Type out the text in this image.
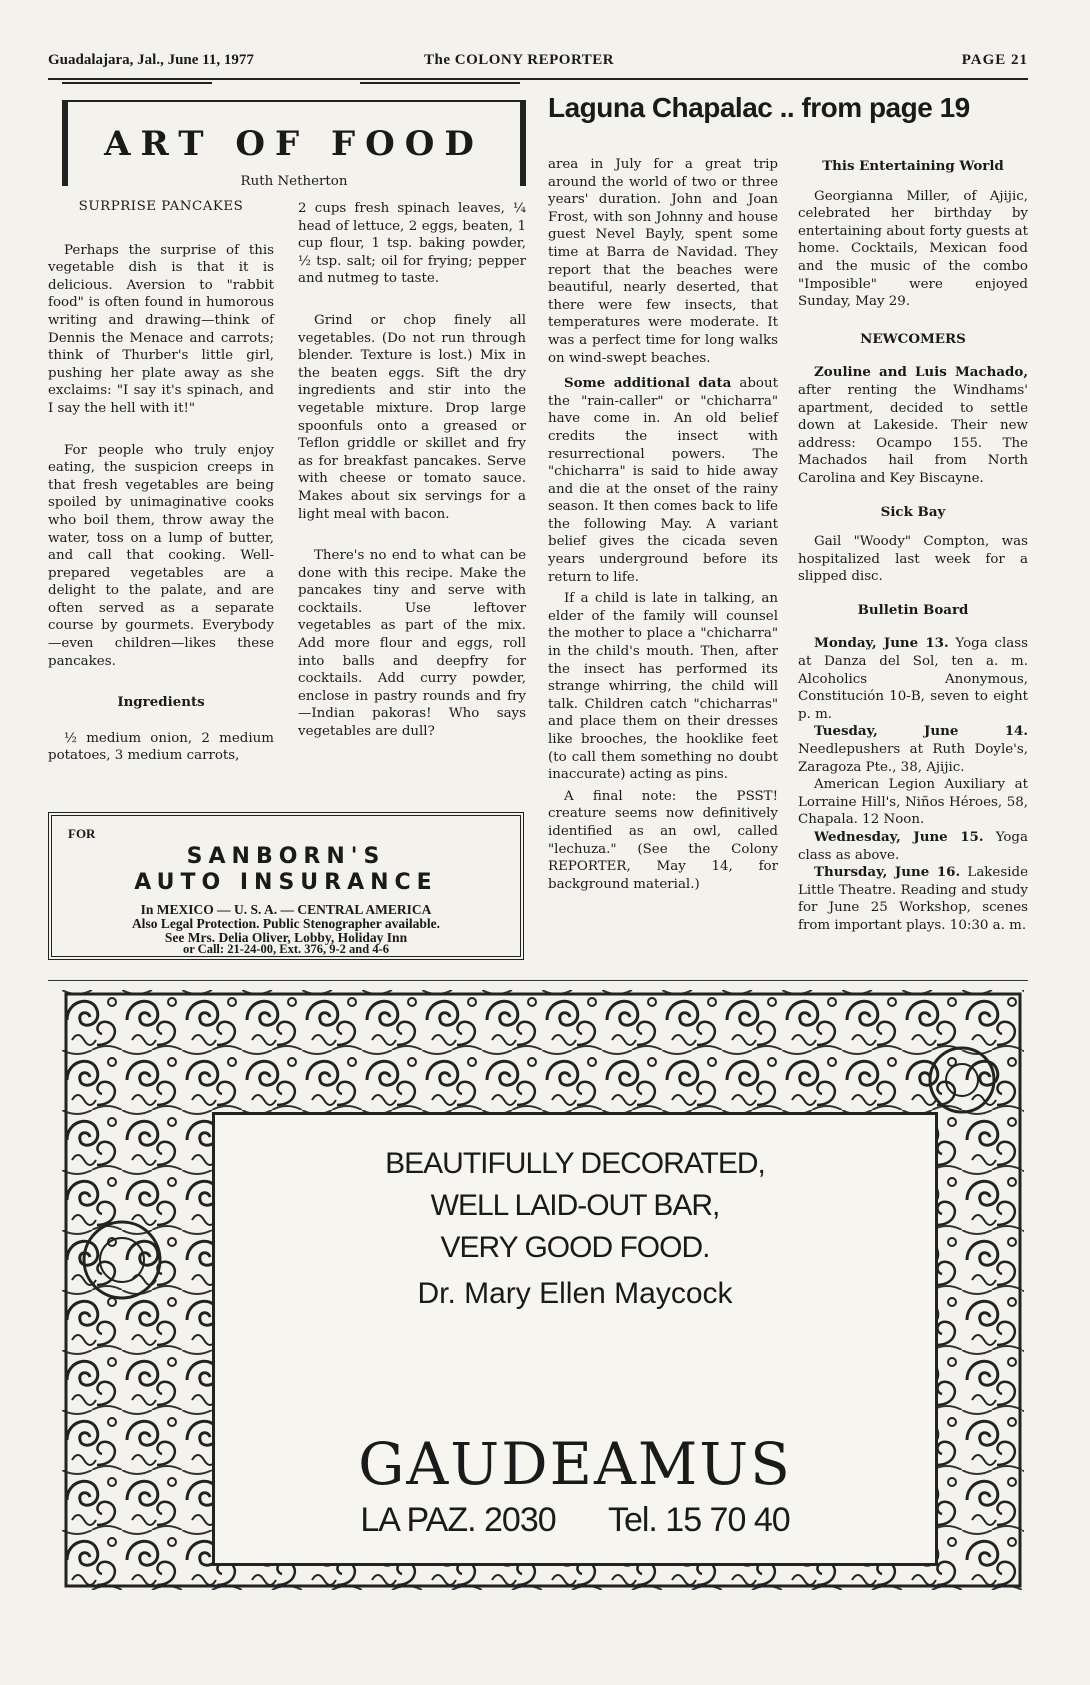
Guadalajara, Jal., June 11, 1977	The COLONY REPORTER	PAGE 21
ART OF FOOD
Ruth Netherton
SURPRISE PANCAKES

Perhaps the surprise of this vegetable dish is that it is delicious. Aversion to "rabbit food" is often found in humorous writing and drawing—think of Dennis the Menace and carrots; think of Thurber's little girl, pushing her plate away as she exclaims: "I say it's spinach, and I say the hell with it!"

For people who truly enjoy eating, the suspicion creeps in that fresh vegetables are being spoiled by unimaginative cooks who boil them, throw away the water, toss on a lump of butter, and call that cooking. Well-prepared vegetables are a delight to the palate, and are often served as a separate course by gourmets. Everybody —even children—likes these pancakes.

Ingredients

½ medium onion, 2 medium potatoes, 3 medium carrots,

2 cups fresh spinach leaves, ¼ head of lettuce, 2 eggs, beaten, 1 cup flour, 1 tsp. baking powder, ½ tsp. salt; oil for frying; pepper and nutmeg to taste.

Grind or chop finely all vegetables. (Do not run through blender. Texture is lost.) Mix in the beaten eggs. Sift the dry ingredients and stir into the vegetable mixture. Drop large spoonfuls onto a greased or Teflon griddle or skillet and fry as for breakfast pancakes. Serve with cheese or tomato sauce. Makes about six servings for a light meal with bacon.

There's no end to what can be done with this recipe. Make the pancakes tiny and serve with cocktails. Use leftover vegetables as part of the mix. Add more flour and eggs, roll into balls and deepfry for cocktails. Add curry powder, enclose in pastry rounds and fry—Indian pakoras! Who says vegetables are dull?

FOR
SANBORN'S
AUTO INSURANCE
In MEXICO — U. S. A. — CENTRAL AMERICA
Also Legal Protection. Public Stenographer available.
See Mrs. Delia Oliver, Lobby, Holiday Inn
or Call: 21-24-00, Ext. 376, 9-2 and 4-6
Laguna Chapalac .. from page 19

area in July for a great trip around the world of two or three years' duration. John and Joan Frost, with son Johnny and house guest Nevel Bayly, spent some time at Barra de Navidad. They report that the beaches were beautiful, nearly deserted, that there were few insects, that temperatures were moderate. It was a perfect time for long walks on wind-swept beaches.

Some additional data about the "rain-caller" or "chicharra" have come in. An old belief credits the insect with resurrectional powers. The "chicharra" is said to hide away and die at the onset of the rainy season. It then comes back to life the following May. A variant belief gives the cicada seven years underground before its return to life.

If a child is late in talking, an elder of the family will counsel the mother to place a "chicharra" in the child's mouth. Then, after the insect has performed its strange whirring, the child will talk. Children catch "chicharras" and place them on their dresses like brooches, the hooklike feet (to call them something no doubt inaccurate) acting as pins.

A final note: the PSST! creature seems now definitively identified as an owl, called "lechuza." (See the Colony REPORTER, May 14, for background material.)

This Entertaining World

Georgianna Miller, of Ajijic, celebrated her birthday by entertaining about forty guests at home. Cocktails, Mexican food and the music of the combo "Imposible" were enjoyed Sunday, May 29.

NEWCOMERS

Zouline and Luis Machado, after renting the Windhams' apartment, decided to settle down at Lakeside. Their new address: Ocampo 155. The Machados hail from North Carolina and Key Biscayne.

Sick Bay

Gail "Woody" Compton, was hospitalized last week for a slipped disc.

Bulletin Board

Monday, June 13. Yoga class at Danza del Sol, ten a. m. Alcoholics Anonymous, Constitución 10-B, seven to eight p. m.

Tuesday, June 14. Needlepushers at Ruth Doyle's, Zaragoza Pte., 38, Ajijic.

American Legion Auxiliary at Lorraine Hill's, Niños Héroes, 58, Chapala. 12 Noon.

Wednesday, June 15. Yoga class as above.

Thursday, June 16. Lakeside Little Theatre. Reading and study for June 25 Workshop, scenes from important plays. 10:30 a. m.

BEAUTIFULLY DECORATED,
WELL LAID-OUT BAR,
VERY GOOD FOOD.
Dr. Mary Ellen Maycock
GAUDEAMUS
LA PAZ. 2030 Tel. 15 70 40
